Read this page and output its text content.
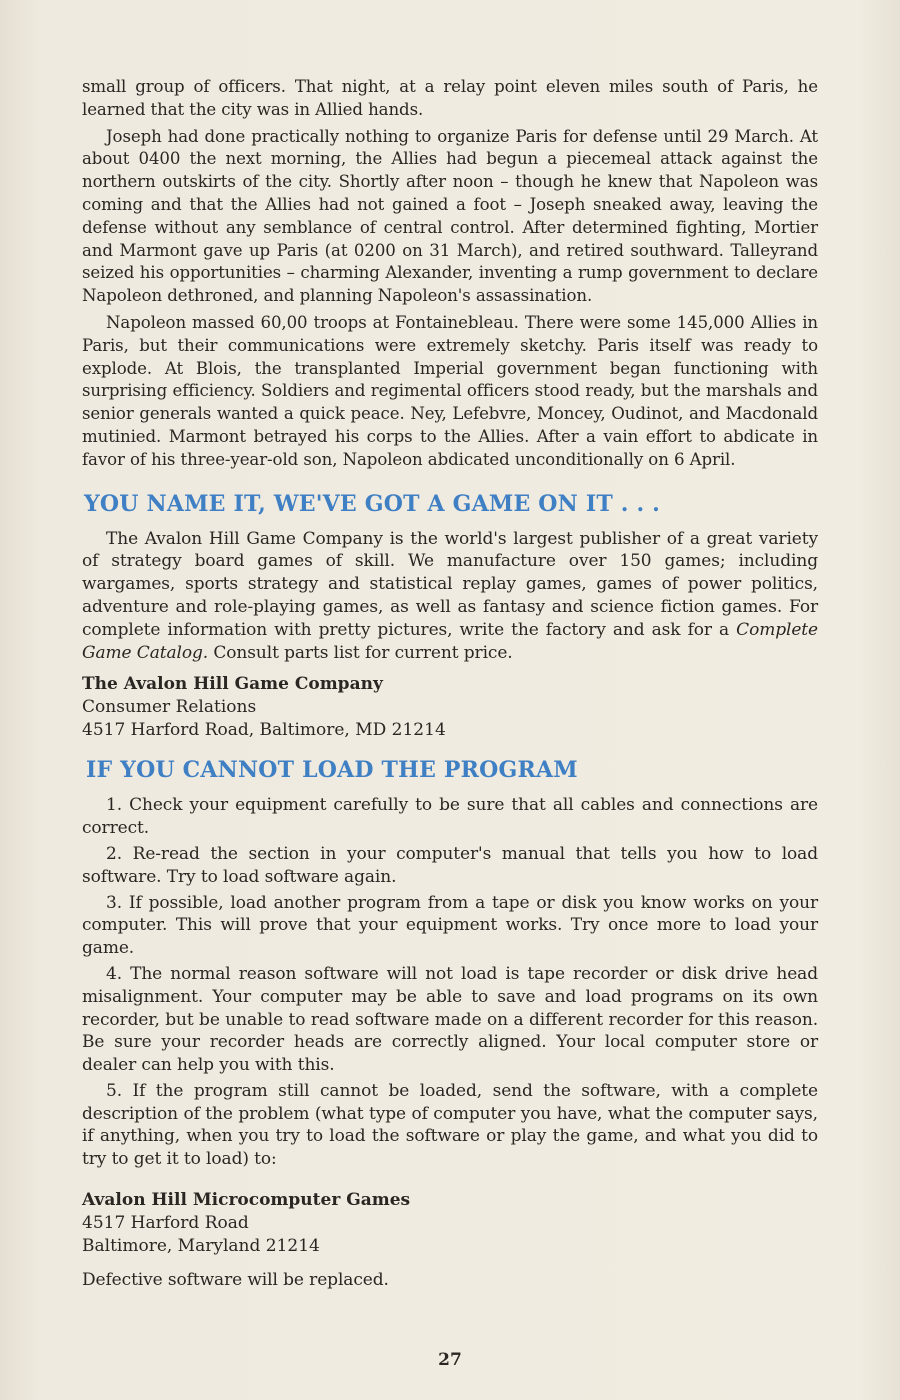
small group of officers. That night, at a relay point eleven miles south of Paris, he learned that the city was in Allied hands.

Joseph had done practically nothing to organize Paris for defense until 29 March. At about 0400 the next morning, the Allies had begun a piecemeal attack against the northern outskirts of the city. Shortly after noon – though he knew that Napoleon was coming and that the Allies had not gained a foot – Joseph sneaked away, leaving the defense without any semblance of central control. After determined fighting, Mortier and Marmont gave up Paris (at 0200 on 31 March), and retired southward. Talleyrand seized his opportunities – charming Alexander, inventing a rump government to declare Napoleon dethroned, and planning Napoleon's assassination.

Napoleon massed 60,00 troops at Fontainebleau. There were some 145,000 Allies in Paris, but their communications were extremely sketchy. Paris itself was ready to explode. At Blois, the transplanted Imperial government began functioning with surprising efficiency. Soldiers and regimental officers stood ready, but the marshals and senior generals wanted a quick peace. Ney, Lefebvre, Moncey, Oudinot, and Macdonald mutinied. Marmont betrayed his corps to the Allies. After a vain effort to abdicate in favor of his three-year-old son, Napoleon abdicated unconditionally on 6 April.

YOU NAME IT, WE'VE GOT A GAME ON IT . . .

The Avalon Hill Game Company is the world's largest publisher of a great variety of strategy board games of skill. We manufacture over 150 games; including wargames, sports strategy and statistical replay games, games of power politics, adventure and role-playing games, as well as fantasy and science fiction games. For complete information with pretty pictures, write the factory and ask for a Complete Game Catalog. Consult parts list for current price.

The Avalon Hill Game Company
Consumer Relations
4517 Harford Road, Baltimore, MD 21214
IF YOU CANNOT LOAD THE PROGRAM

1. Check your equipment carefully to be sure that all cables and connections are correct.

2. Re-read the section in your computer's manual that tells you how to load software. Try to load software again.

3. If possible, load another program from a tape or disk you know works on your computer. This will prove that your equipment works. Try once more to load your game.

4. The normal reason software will not load is tape recorder or disk drive head misalignment. Your computer may be able to save and load programs on its own recorder, but be unable to read software made on a different recorder for this reason. Be sure your recorder heads are correctly aligned. Your local computer store or dealer can help you with this.

5. If the program still cannot be loaded, send the software, with a complete description of the problem (what type of computer you have, what the computer says, if anything, when you try to load the software or play the game, and what you did to try to get it to load) to:

Avalon Hill Microcomputer Games
4517 Harford Road
Baltimore, Maryland 21214

Defective software will be replaced.

27
